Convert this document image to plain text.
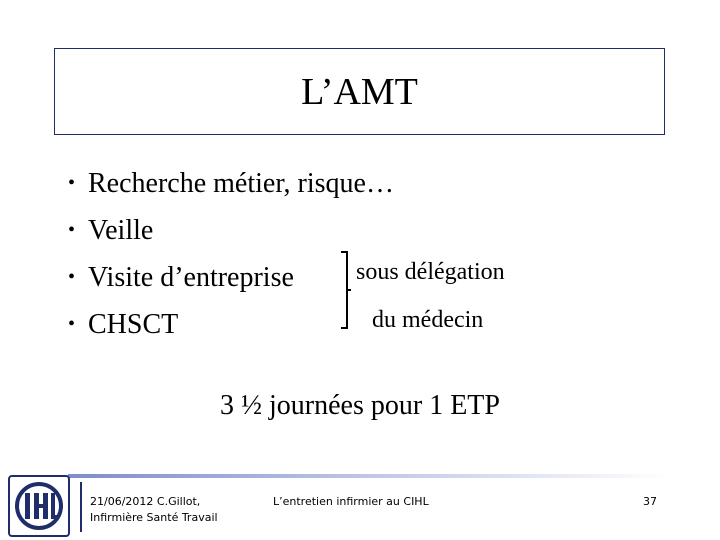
L’AMT
• Recherche métier, risque…
• Veille
• Visite d’entreprise
• CHSCT
sous délégation
du médecin
3 ½ journées pour 1 ETP
21/06/2012 C.Gillot,
Infirmière Santé Travail
L’entretien infirmier au CIHL	37
